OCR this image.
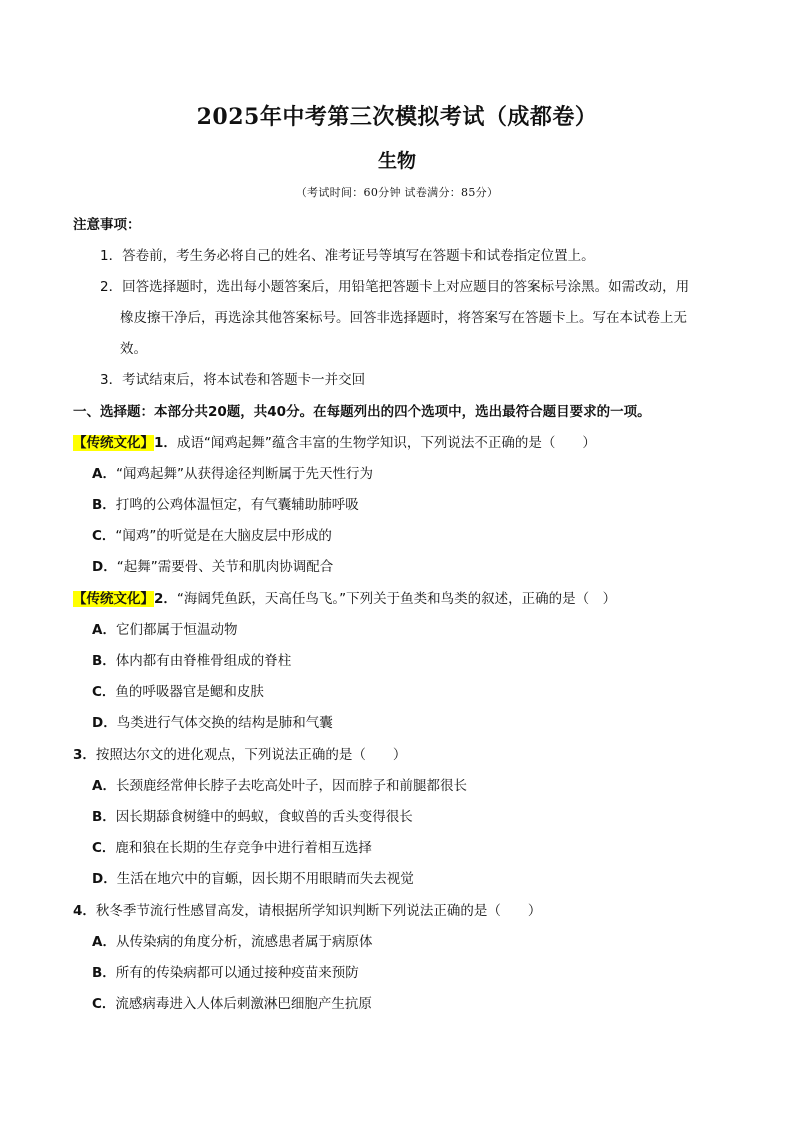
2025年中考第三次模拟考试（成都卷）
生物
（考试时间：60分钟 试卷满分：85分）
注意事项：
1．答卷前，考生务必将自己的姓名、准考证号等填写在答题卡和试卷指定位置上。
2．回答选择题时，选出每小题答案后，用铅笔把答题卡上对应题目的答案标号涂黑。如需改动，用
橡皮擦干净后，再选涂其他答案标号。回答非选择题时，将答案写在答题卡上。写在本试卷上无
效。
3．考试结束后，将本试卷和答题卡一并交回
一、选择题：本部分共20题，共40分。在每题列出的四个选项中，选出最符合题目要求的一项。
【传统文化】1．成语“闻鸡起舞”蕴含丰富的生物学知识，下列说法不正确的是（　　）
A．“闻鸡起舞”从获得途径判断属于先天性行为
B．打鸣的公鸡体温恒定，有气囊辅助肺呼吸
C．“闻鸡”的听觉是在大脑皮层中形成的
D．“起舞”需要骨、关节和肌肉协调配合
【传统文化】2．“海阔凭鱼跃，天高任鸟飞。”下列关于鱼类和鸟类的叙述，正确的是（　）
A．它们都属于恒温动物
B．体内都有由脊椎骨组成的脊柱
C．鱼的呼吸器官是鳃和皮肤
D．鸟类进行气体交换的结构是肺和气囊
3．按照达尔文的进化观点，下列说法正确的是（　　）
A．长颈鹿经常伸长脖子去吃高处叶子，因而脖子和前腿都很长
B．因长期舔食树缝中的蚂蚁，食蚁兽的舌头变得很长
C．鹿和狼在长期的生存竞争中进行着相互选择
D．生活在地穴中的盲螈，因长期不用眼睛而失去视觉
4．秋冬季节流行性感冒高发，请根据所学知识判断下列说法正确的是（　　）
A．从传染病的角度分析，流感患者属于病原体
B．所有的传染病都可以通过接种疫苗来预防
C．流感病毒进入人体后刺激淋巴细胞产生抗原
